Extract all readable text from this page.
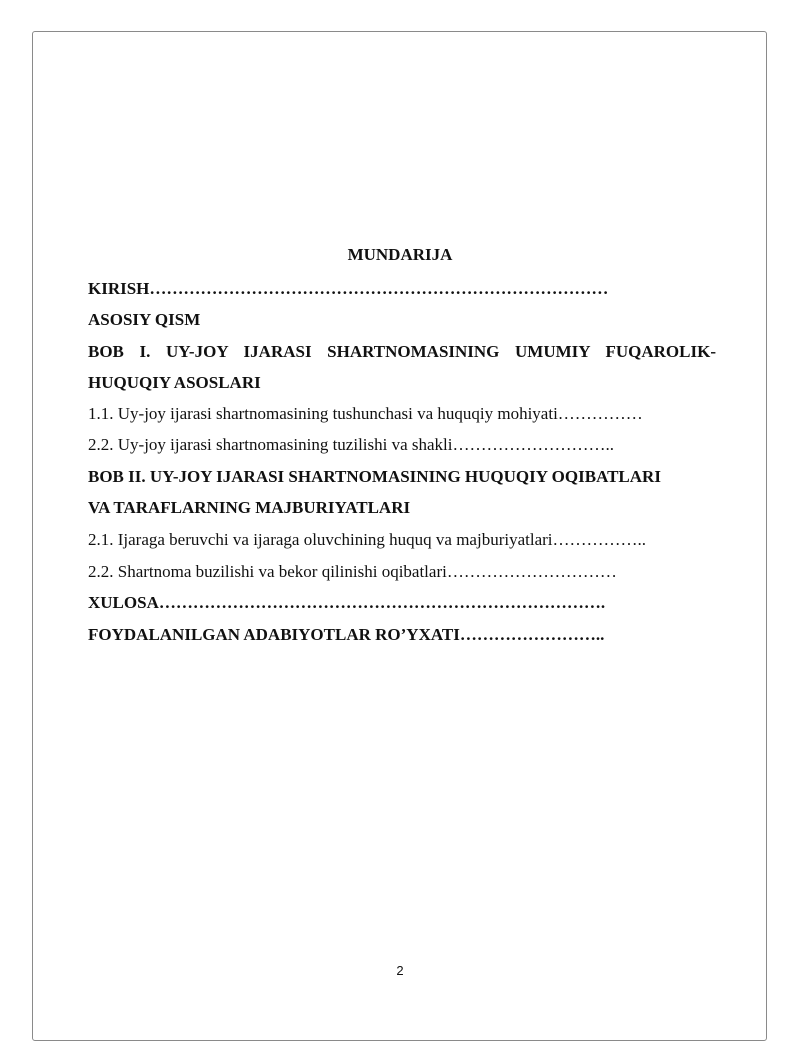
MUNDARIJA
KIRISH………………………………………………………………………
ASOSIY QISM
BOB I. UY-JOY IJARASI SHARTNOMASINING UMUMIY FUQAROLIK-
HUQUQIY ASOSLARI
1.1. Uy-joy ijarasi shartnomasining tushunchasi va huquqiy mohiyati……………
2.2. Uy-joy ijarasi shartnomasining tuzilishi va shakli………………………..
BOB II. UY-JOY IJARASI SHARTNOMASINING HUQUQIY OQIBATLARI
VA TARAFLARNING MAJBURIYATLARI
2.1. Ijaraga beruvchi va ijaraga oluvchining huquq va majburiyatlari……………..
2.2. Shartnoma buzilishi va bekor qilinishi oqibatlari…………………………
XULOSA…………………………………………………………………….
FOYDALANILGAN ADABIYOTLAR RO’YXATI……………………..
2
